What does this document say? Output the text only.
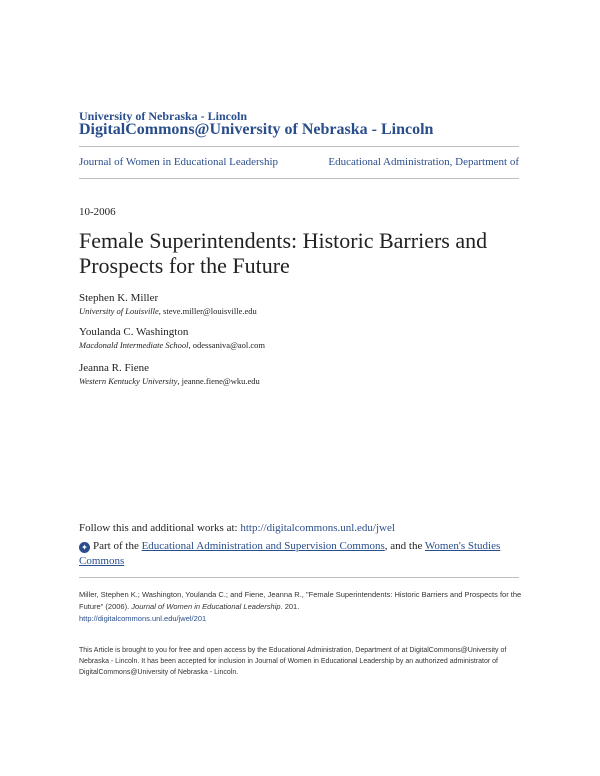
University of Nebraska - Lincoln
DigitalCommons@University of Nebraska - Lincoln
Journal of Women in Educational Leadership	Educational Administration, Department of
10-2006
Female Superintendents: Historic Barriers and Prospects for the Future
Stephen K. Miller
University of Louisville, steve.miller@louisville.edu
Youlanda C. Washington
Macdonald Intermediate School, odessaniva@aol.com
Jeanna R. Fiene
Western Kentucky University, jeanne.fiene@wku.edu
Follow this and additional works at: http://digitalcommons.unl.edu/jwel
✦ Part of the Educational Administration and Supervision Commons, and the Women's Studies Commons
Miller, Stephen K.; Washington, Youlanda C.; and Fiene, Jeanna R., "Female Superintendents: Historic Barriers and Prospects for the Future" (2006). Journal of Women in Educational Leadership. 201.
http://digitalcommons.unl.edu/jwel/201
This Article is brought to you for free and open access by the Educational Administration, Department of at DigitalCommons@University of Nebraska - Lincoln. It has been accepted for inclusion in Journal of Women in Educational Leadership by an authorized administrator of DigitalCommons@University of Nebraska - Lincoln.
